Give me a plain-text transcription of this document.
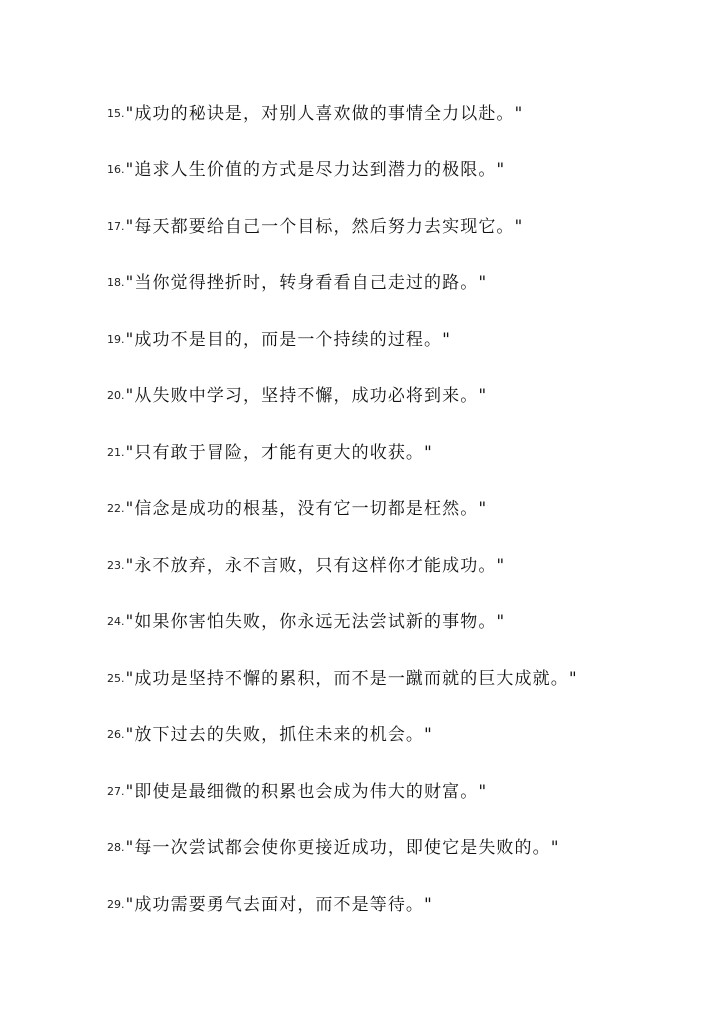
15. "成功的秘诀是，对别人喜欢做的事情全力以赴。"
16. "追求人生价值的方式是尽力达到潜力的极限。"
17. "每天都要给自己一个目标，然后努力去实现它。"
18. "当你觉得挫折时，转身看看自己走过的路。"
19. "成功不是目的，而是一个持续的过程。"
20. "从失败中学习，坚持不懈，成功必将到来。"
21. "只有敢于冒险，才能有更大的收获。"
22. "信念是成功的根基，没有它一切都是枉然。"
23. "永不放弃，永不言败，只有这样你才能成功。"
24. "如果你害怕失败，你永远无法尝试新的事物。"
25. "成功是坚持不懈的累积，而不是一蹴而就的巨大成就。"
26. "放下过去的失败，抓住未来的机会。"
27. "即使是最细微的积累也会成为伟大的财富。"
28. "每一次尝试都会使你更接近成功，即使它是失败的。"
29. "成功需要勇气去面对，而不是等待。"
